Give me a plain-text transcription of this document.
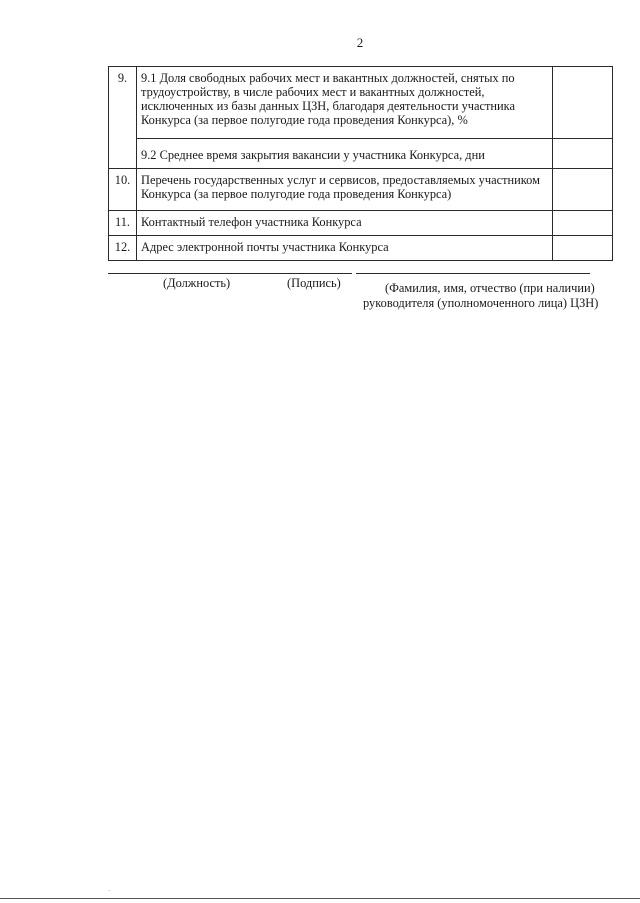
2
9.	9.1 Доля свободных рабочих мест и вакантных должностей, снятых по трудоустройству, в числе рабочих мест и вакантных должностей, исключенных из базы данных ЦЗН, благодаря деятельности участника Конкурса (за первое полугодие года проведения Конкурса), %	
	9.2 Среднее время закрытия вакансии у участника Конкурса, дни	
10.	Перечень государственных услуг и сервисов, предоставляемых участником Конкурса (за первое полугодие года проведения Конкурса)	
11.	Контактный телефон участника Конкурса	
12.	Адрес электронной почты участника Конкурса	
(Должность)	(Подпись)	(Фамилия, имя, отчество (при наличии)
руководителя (уполномоченного лица) ЦЗН)
·
